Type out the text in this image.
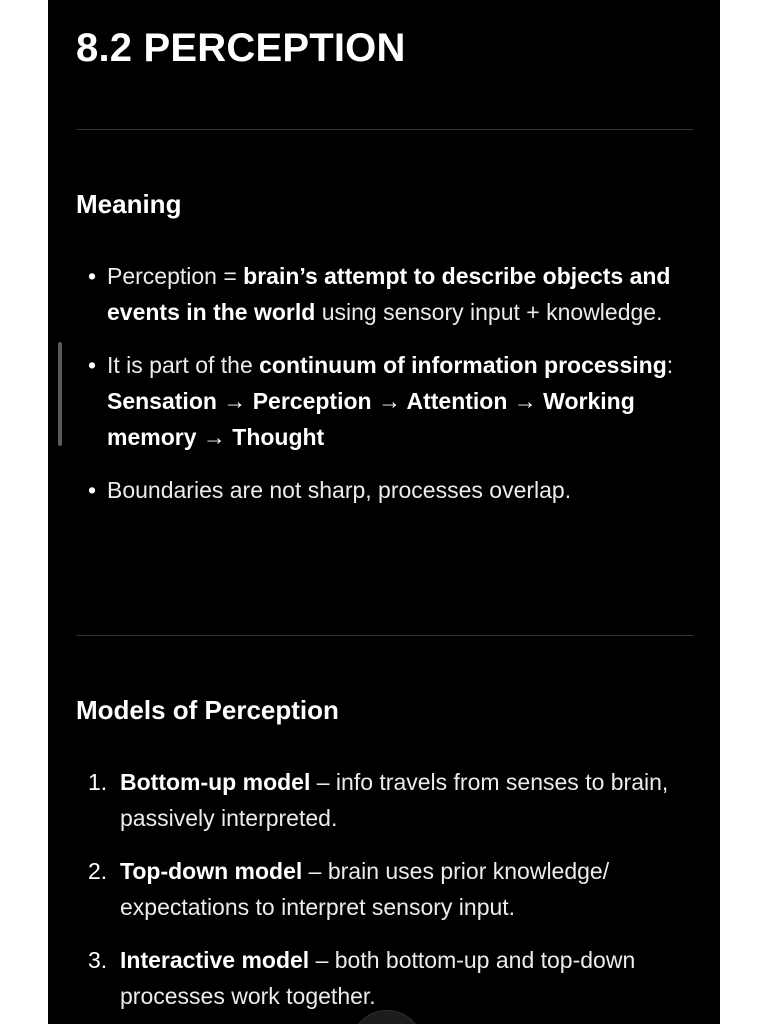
8.2 PERCEPTION
Meaning
• Perception = brain’s attempt to describe objects and events in the world using sensory input + knowledge.
• It is part of the continuum of information processing:
Sensation → Perception → Attention → Working memory → Thought
• Boundaries are not sharp, processes overlap.
Models of Perception
1. Bottom-up model – info travels from senses to brain, passively interpreted.
2. Top-down model – brain uses prior knowledge/ expectations to interpret sensory input.
3. Interactive model – both bottom-up and top-down processes work together.
